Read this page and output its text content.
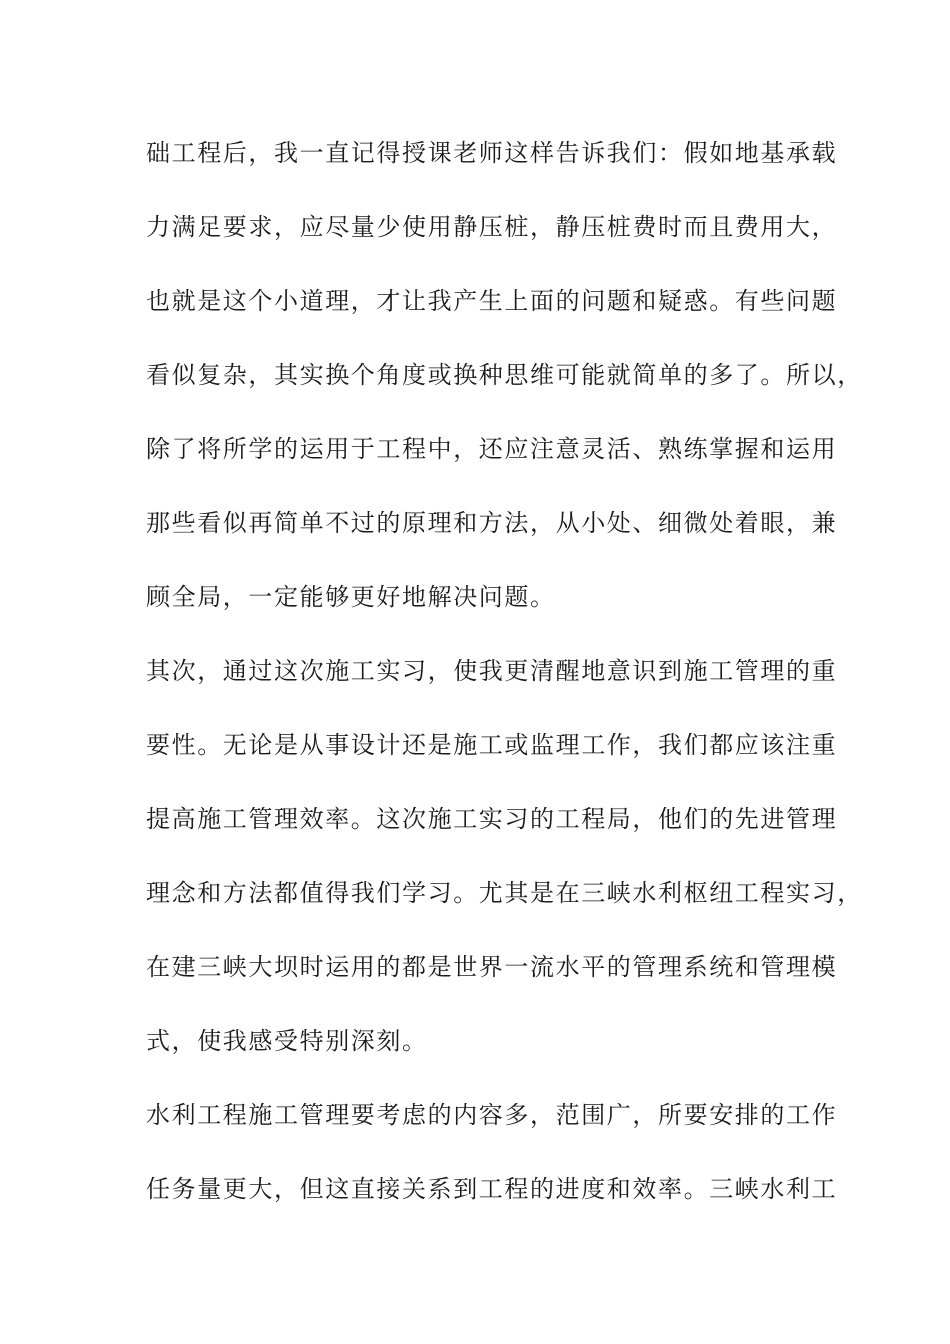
础工程后，我一直记得授课老师这样告诉我们：假如地基承载
力满足要求，应尽量少使用静压桩，静压桩费时而且费用大，
也就是这个小道理，才让我产生上面的问题和疑惑。有些问题
看似复杂，其实换个角度或换种思维可能就简单的多了。所以，
除了将所学的运用于工程中，还应注意灵活、熟练掌握和运用
那些看似再简单不过的原理和方法，从小处、细微处着眼，兼
顾全局，一定能够更好地解决问题。
其次，通过这次施工实习，使我更清醒地意识到施工管理的重
要性。无论是从事设计还是施工或监理工作，我们都应该注重
提高施工管理效率。这次施工实习的工程局，他们的先进管理
理念和方法都值得我们学习。尤其是在三峡水利枢纽工程实习，
在建三峡大坝时运用的都是世界一流水平的管理系统和管理模
式，使我感受特别深刻。
水利工程施工管理要考虑的内容多，范围广，所要安排的工作
任务量更大，但这直接关系到工程的进度和效率。三峡水利工
